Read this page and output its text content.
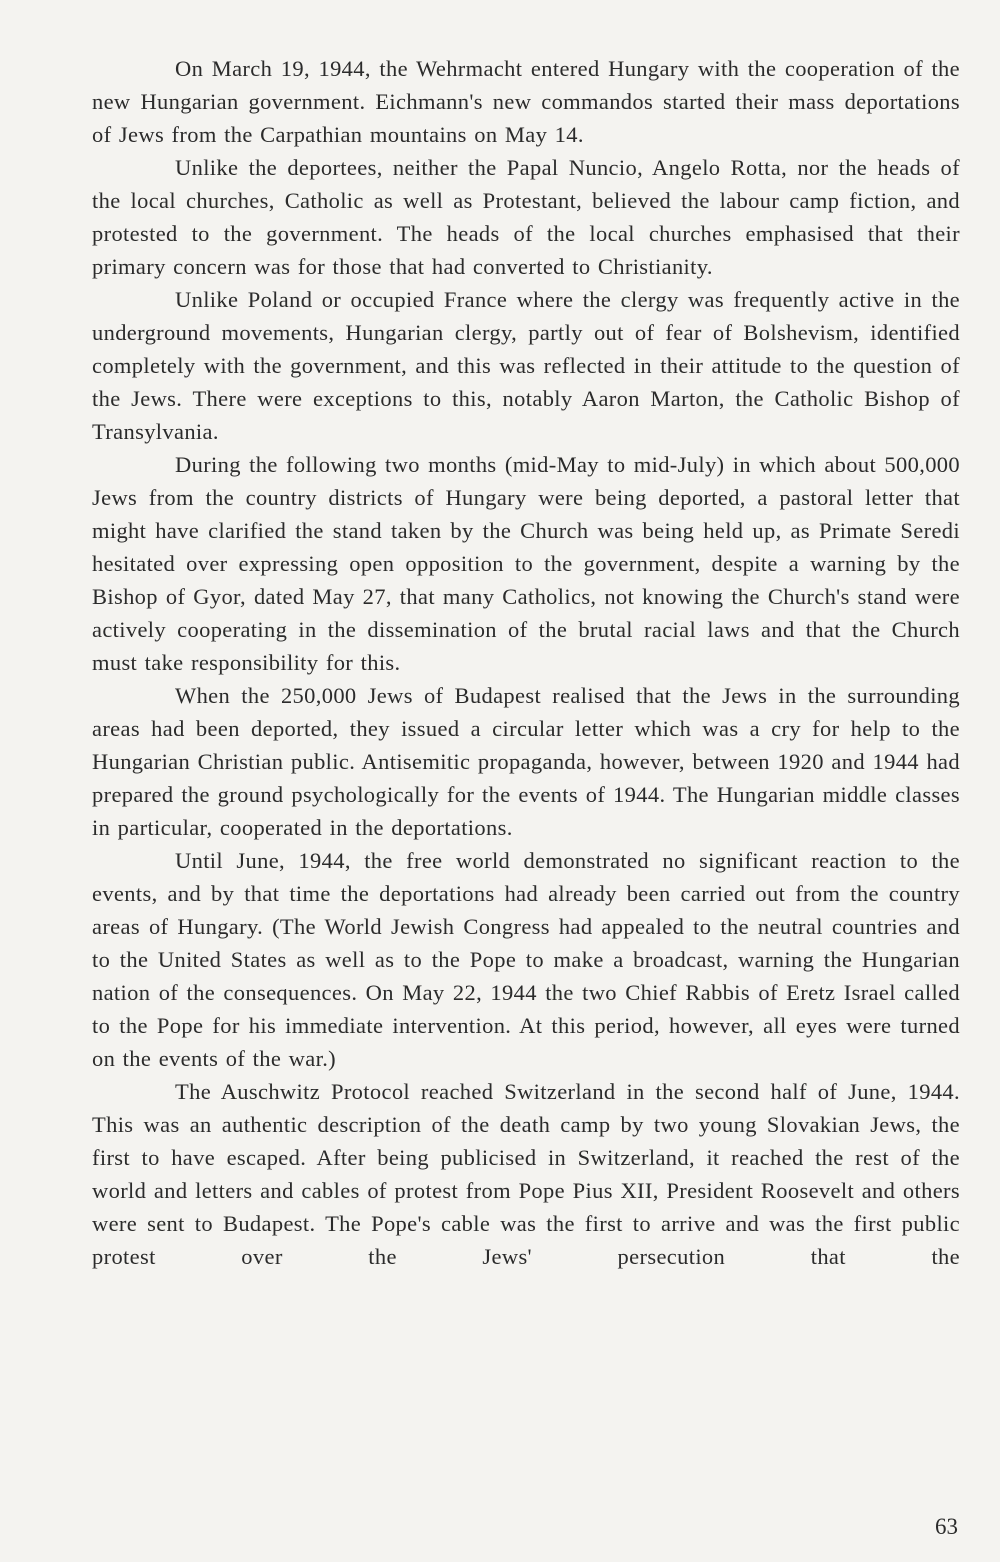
On March 19, 1944, the Wehrmacht entered Hungary with the cooperation of the new Hungarian government. Eichmann's new commandos started their mass deportations of Jews from the Carpathian mountains on May 14.

Unlike the deportees, neither the Papal Nuncio, Angelo Rotta, nor the heads of the local churches, Catholic as well as Protestant, believed the labour camp fiction, and protested to the government. The heads of the local churches emphasised that their primary concern was for those that had converted to Christianity.

Unlike Poland or occupied France where the clergy was frequently active in the underground movements, Hungarian clergy, partly out of fear of Bolshevism, identified completely with the government, and this was reflected in their attitude to the question of the Jews. There were exceptions to this, notably Aaron Marton, the Catholic Bishop of Transylvania.

During the following two months (mid-May to mid-July) in which about 500,000 Jews from the country districts of Hungary were being deported, a pastoral letter that might have clarified the stand taken by the Church was being held up, as Primate Seredi hesitated over expressing open opposition to the government, despite a warning by the Bishop of Gyor, dated May 27, that many Catholics, not knowing the Church's stand were actively cooperating in the dissemination of the brutal racial laws and that the Church must take responsibility for this.

When the 250,000 Jews of Budapest realised that the Jews in the surrounding areas had been deported, they issued a circular letter which was a cry for help to the Hungarian Christian public. Antisemitic propaganda, however, between 1920 and 1944 had prepared the ground psychologically for the events of 1944. The Hungarian middle classes in particular, cooperated in the deportations.

Until June, 1944, the free world demonstrated no significant reaction to the events, and by that time the deportations had already been carried out from the country areas of Hungary. (The World Jewish Congress had appealed to the neutral countries and to the United States as well as to the Pope to make a broadcast, warning the Hungarian nation of the consequences. On May 22, 1944 the two Chief Rabbis of Eretz Israel called to the Pope for his immediate intervention. At this period, however, all eyes were turned on the events of the war.)

The Auschwitz Protocol reached Switzerland in the second half of June, 1944. This was an authentic description of the death camp by two young Slovakian Jews, the first to have escaped. After being publicised in Switzerland, it reached the rest of the world and letters and cables of protest from Pope Pius XII, President Roosevelt and others were sent to Budapest. The Pope's cable was the first to arrive and was the first public protest over the Jews' persecution that the

63
